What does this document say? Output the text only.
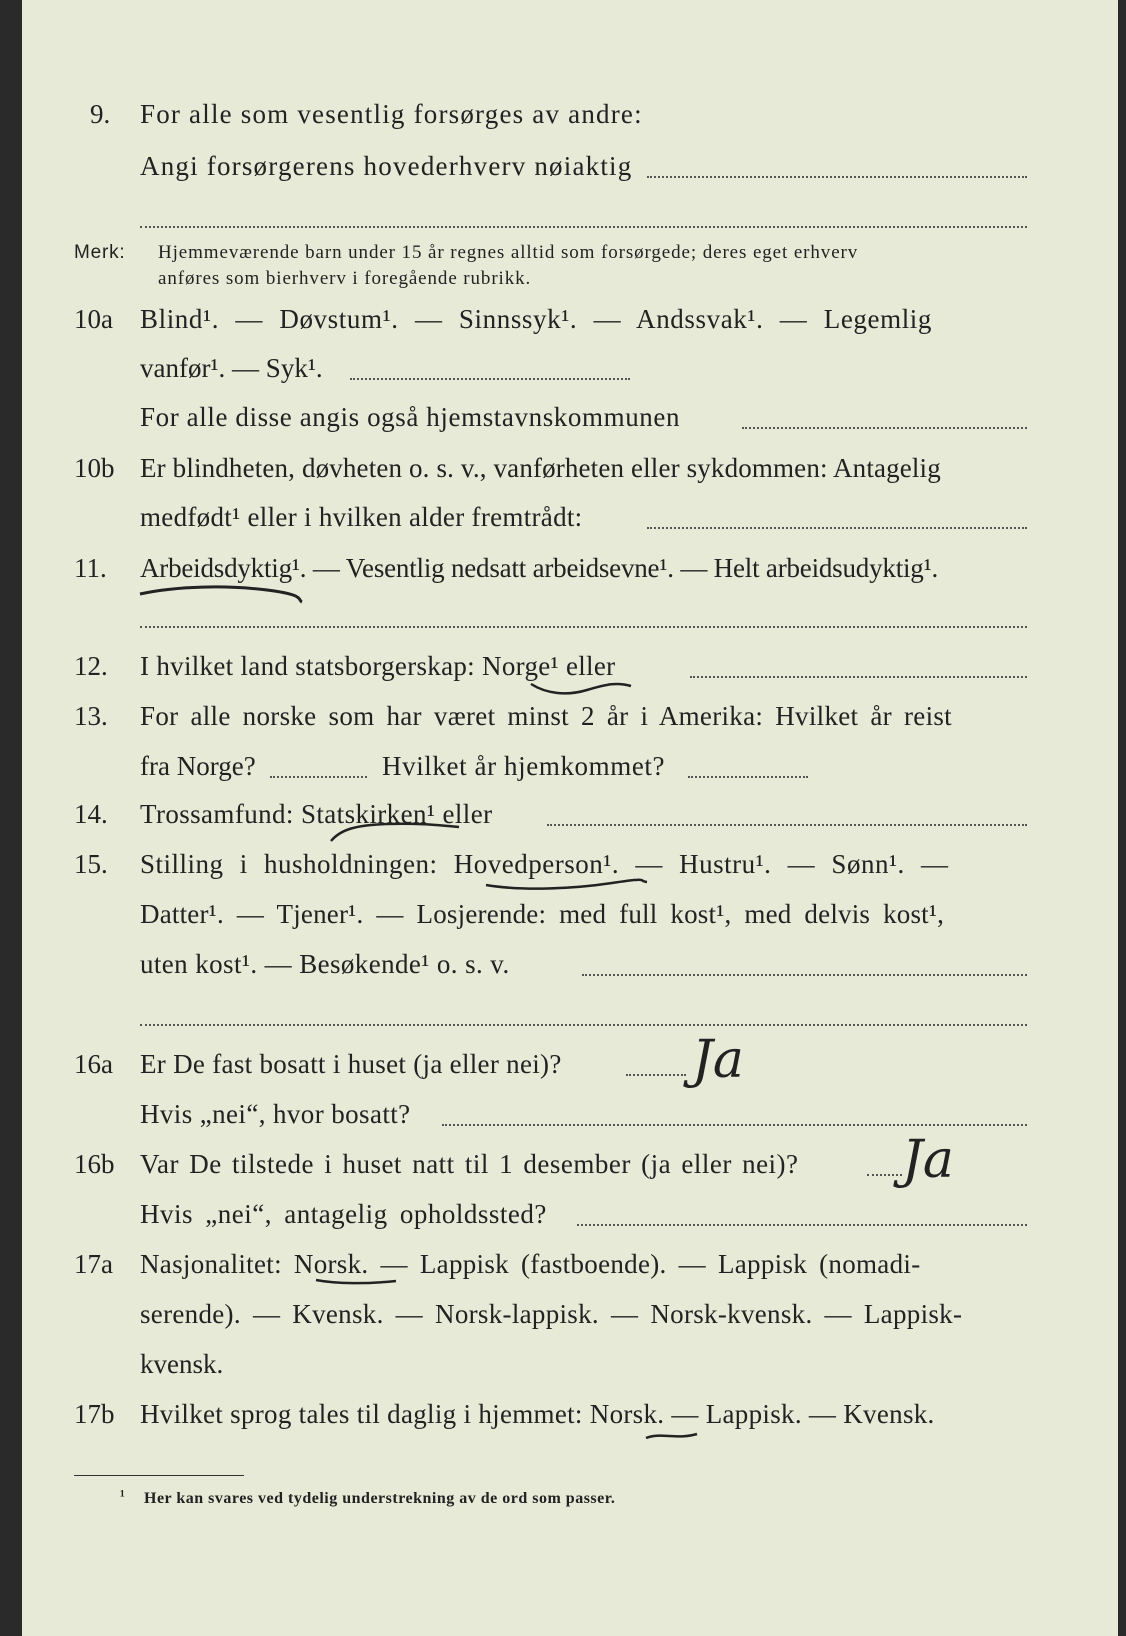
9. For alle som vesentlig forsørges av andre:
Angi forsørgerens hovederhverv nøiaktig
Merk: Hjemmeværende barn under 15 år regnes alltid som forsørgede; deres eget erhverv
anføres som bierhverv i foregående rubrikk.
10a Blind¹. — Døvstum¹. — Sinnssyk¹. — Andssvak¹. — Legemlig
vanfør¹. — Syk¹.
For alle disse angis også hjemstavnskommunen
10b Er blindheten, døvheten o. s. v., vanførheten eller sykdommen: Antagelig
medfødt¹ eller i hvilken alder fremtrådt:
11. Arbeidsdyktig¹. — Vesentlig nedsatt arbeidsevne¹. — Helt arbeidsudyktig¹.
12. I hvilket land statsborgerskap: Norge¹ eller
13. For alle norske som har været minst 2 år i Amerika: Hvilket år reist
fra Norge?	Hvilket år hjemkommet?
14. Trossamfund: Statskirken¹ eller
15. Stilling i husholdningen: Hovedperson¹. — Hustru¹. — Sønn¹. —
Datter¹. — Tjener¹. — Losjerende: med full kost¹, med delvis kost¹,
uten kost¹. — Besøkende¹ o. s. v.
16a Er De fast bosatt i huset (ja eller nei)?	Ja
Hvis „nei“, hvor bosatt?
16b Var De tilstede i huset natt til 1 desember (ja eller nei)? Ja
Hvis „nei“, antagelig opholdssted?
17a Nasjonalitet: Norsk. — Lappisk (fastboende). — Lappisk (nomadi-
serende). — Kvensk. — Norsk-lappisk. — Norsk-kvensk. — Lappisk-
kvensk.
17b Hvilket sprog tales til daglig i hjemmet: Norsk. — Lappisk. — Kvensk.
¹ Her kan svares ved tydelig understrekning av de ord som passer.
